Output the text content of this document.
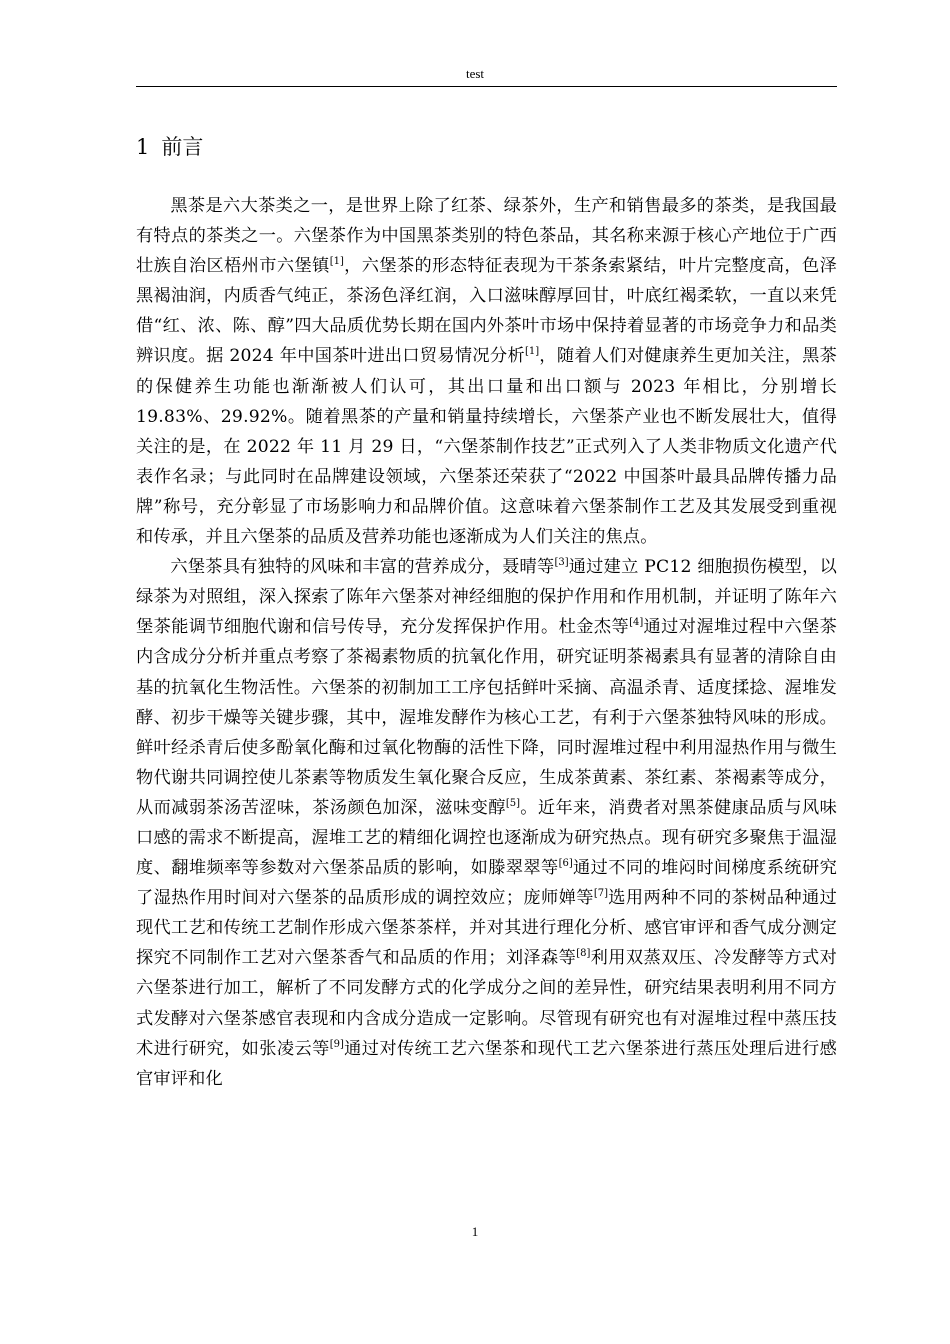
test
1 前言

黑茶是六大茶类之一，是世界上除了红茶、绿茶外，生产和销售最多的茶类，是我国最有特点的茶类之一。六堡茶作为中国黑茶类别的特色茶品，其名称来源于核心产地位于广西壮族自治区梧州市六堡镇[1]，六堡茶的形态特征表现为干茶条索紧结，叶片完整度高，色泽黑褐油润，内质香气纯正，茶汤色泽红润，入口滋味醇厚回甘，叶底红褐柔软，一直以来凭借“红、浓、陈、醇”四大品质优势长期在国内外茶叶市场中保持着显著的市场竞争力和品类辨识度。据 2024 年中国茶叶进出口贸易情况分析[1]，随着人们对健康养生更加关注，黑茶的保健养生功能也渐渐被人们认可，其出口量和出口额与 2023 年相比，分别增长 19.83%、29.92%。随着黑茶的产量和销量持续增长，六堡茶产业也不断发展壮大，值得关注的是，在 2022 年 11 月 29 日，“六堡茶制作技艺”正式列入了人类非物质文化遗产代表作名录；与此同时在品牌建设领域，六堡茶还荣获了“2022 中国茶叶最具品牌传播力品牌”称号，充分彰显了市场影响力和品牌价值。这意味着六堡茶制作工艺及其发展受到重视和传承，并且六堡茶的品质及营养功能也逐渐成为人们关注的焦点。

六堡茶具有独特的风味和丰富的营养成分，聂晴等[3]通过建立 PC12 细胞损伤模型，以绿茶为对照组，深入探索了陈年六堡茶对神经细胞的保护作用和作用机制，并证明了陈年六堡茶能调节细胞代谢和信号传导，充分发挥保护作用。杜金杰等[4]通过对渥堆过程中六堡茶内含成分分析并重点考察了茶褐素物质的抗氧化作用，研究证明茶褐素具有显著的清除自由基的抗氧化生物活性。六堡茶的初制加工工序包括鲜叶采摘、高温杀青、适度揉捻、渥堆发酵、初步干燥等关键步骤，其中，渥堆发酵作为核心工艺，有利于六堡茶独特风味的形成。鲜叶经杀青后使多酚氧化酶和过氧化物酶的活性下降，同时渥堆过程中利用湿热作用与微生物代谢共同调控使儿茶素等物质发生氧化聚合反应，生成茶黄素、茶红素、茶褐素等成分，从而减弱茶汤苦涩味，茶汤颜色加深，滋味变醇[5]。近年来，消费者对黑茶健康品质与风味口感的需求不断提高，渥堆工艺的精细化调控也逐渐成为研究热点。现有研究多聚焦于温湿度、翻堆频率等参数对六堡茶品质的影响，如滕翠翠等[6]通过不同的堆闷时间梯度系统研究了湿热作用时间对六堡茶的品质形成的调控效应；庞师婵等[7]选用两种不同的茶树品种通过现代工艺和传统工艺制作形成六堡茶茶样，并对其进行理化分析、感官审评和香气成分测定探究不同制作工艺对六堡茶香气和品质的作用；刘泽森等[8]利用双蒸双压、冷发酵等方式对六堡茶进行加工，解析了不同发酵方式的化学成分之间的差异性，研究结果表明利用不同方式发酵对六堡茶感官表现和内含成分造成一定影响。尽管现有研究也有对渥堆过程中蒸压技术进行研究，如张凌云等[9]通过对传统工艺六堡茶和现代工艺六堡茶进行蒸压处理后进行感官审评和化

1
